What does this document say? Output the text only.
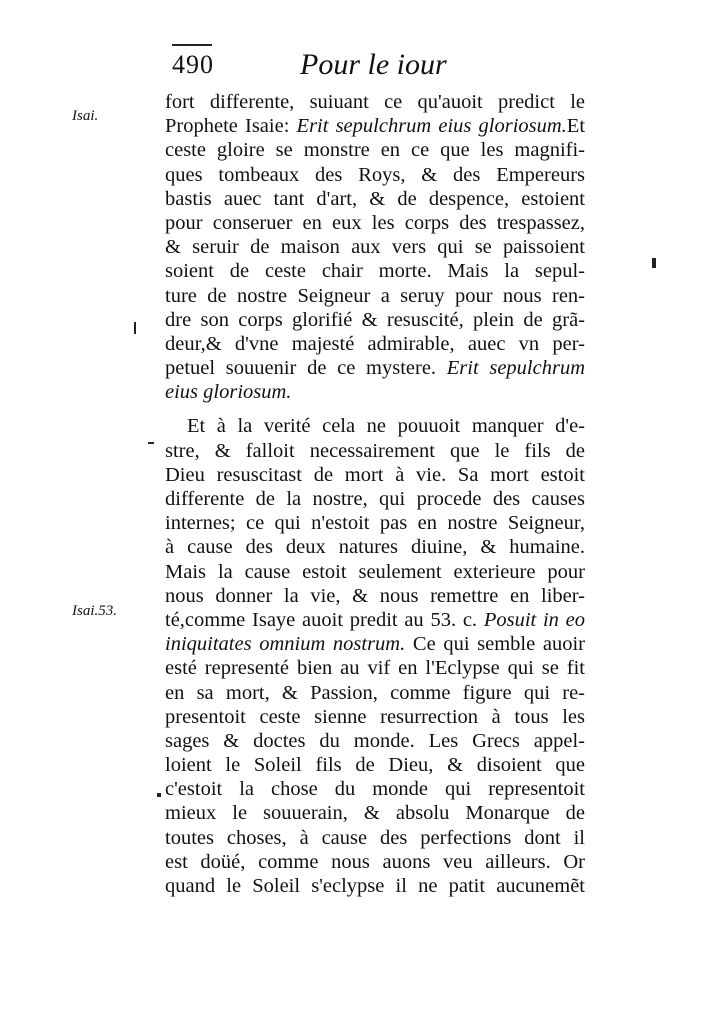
490	Pour le iour
Isai.
Isai.53.
fort differente, suiuant ce qu'auoit predict le
Prophete Isaie: Erit sepulchrum eius gloriosum.Et
ceste gloire se monstre en ce que les magnifi-
ques tombeaux des Roys, & des Empereurs
bastis auec tant d'art, & de despence, estoient
pour conseruer en eux les corps des trespassez,
& seruir de maison aux vers qui se paissoient
soient de ceste chair morte. Mais la sepul-
ture de nostre Seigneur a seruy pour nous ren-
dre son corps glorifié & resuscité, plein de grã-
deur,& d'vne majesté admirable, auec vn per-
petuel souuenir de ce mystere. Erit sepulchrum
eius gloriosum.
Et à la verité cela ne pouuoit manquer d'e-
stre, & falloit necessairement que le fils de
Dieu resuscitast de mort à vie. Sa mort estoit
differente de la nostre, qui procede des causes
internes; ce qui n'estoit pas en nostre Seigneur,
à cause des deux natures diuine, & humaine.
Mais la cause estoit seulement exterieure pour
nous donner la vie, & nous remettre en liber-
té,comme Isaye auoit predit au 53. c. Posuit in eo
iniquitates omnium nostrum. Ce qui semble auoir
esté representé bien au vif en l'Eclypse qui se fit
en sa mort, & Passion, comme figure qui re-
presentoit ceste sienne resurrection à tous les
sages & doctes du monde. Les Grecs appel-
loient le Soleil fils de Dieu, & disoient que
c'estoit la chose du monde qui representoit
mieux le souuerain, & absolu Monarque de
toutes choses, à cause des perfections dont il
est doüé, comme nous auons veu ailleurs. Or
quand le Soleil s'eclypse il ne patit aucunemẽt
